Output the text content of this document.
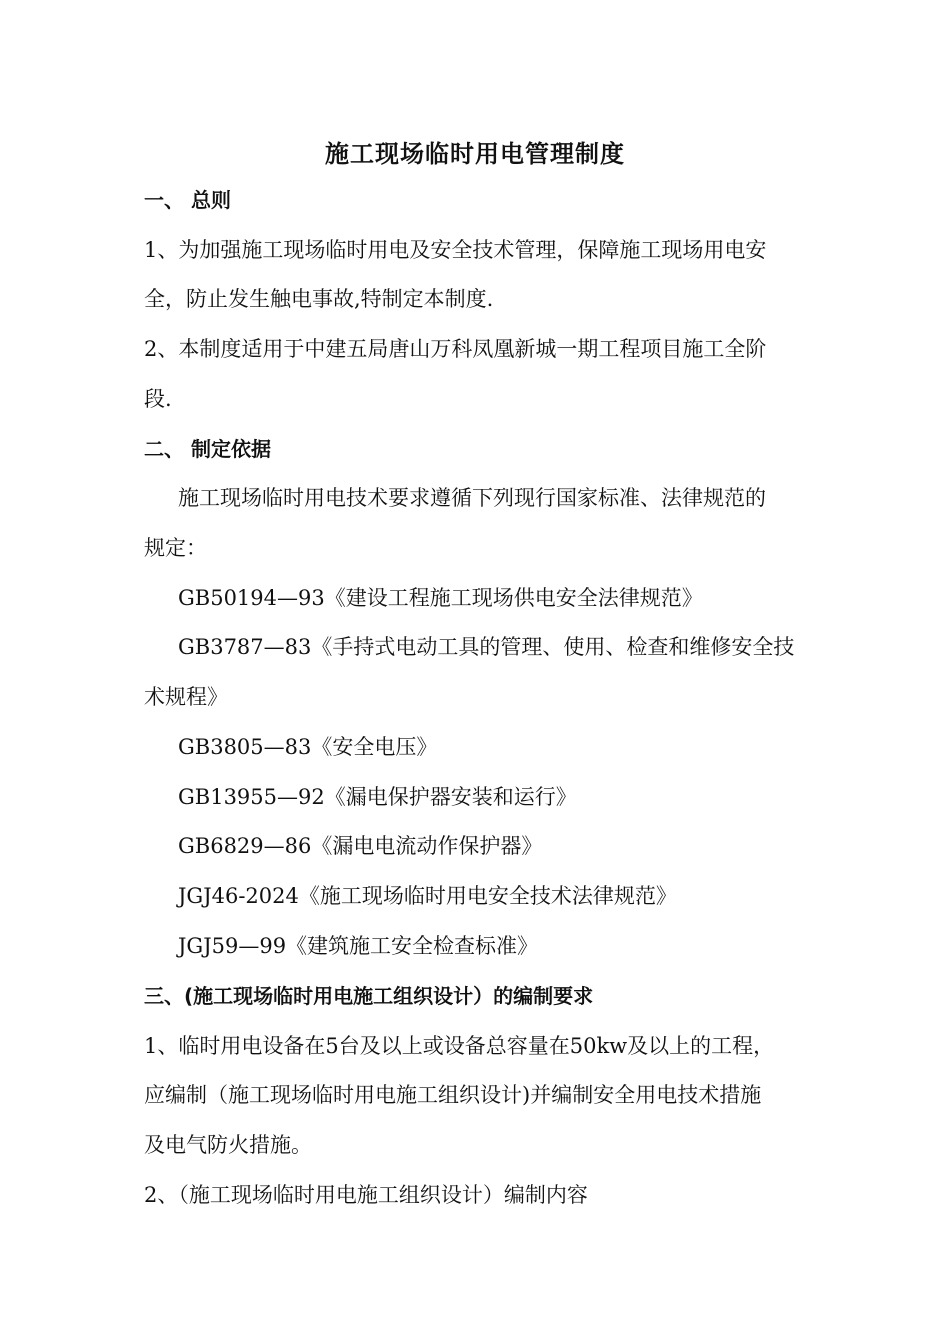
施工现场临时用电管理制度
一、 总则
1、为加强施工现场临时用电及安全技术管理，保障施工现场用电安
全，防止发生触电事故,特制定本制度.
2、本制度适用于中建五局唐山万科凤凰新城一期工程项目施工全阶
段.
二、 制定依据
施工现场临时用电技术要求遵循下列现行国家标准、法律规范的
规定：
GB50194—93《建设工程施工现场供电安全法律规范》
GB3787—83《手持式电动工具的管理、使用、检查和维修安全技
术规程》
GB3805—83《安全电压》
GB13955—92《漏电保护器安装和运行》
GB6829—86《漏电电流动作保护器》
JGJ46-2024《施工现场临时用电安全技术法律规范》
JGJ59—99《建筑施工安全检查标准》
三、(施工现场临时用电施工组织设计）的编制要求
1、临时用电设备在5台及以上或设备总容量在50kw及以上的工程，
应编制（施工现场临时用电施工组织设计)并编制安全用电技术措施
及电气防火措施。
2、（施工现场临时用电施工组织设计）编制内容
